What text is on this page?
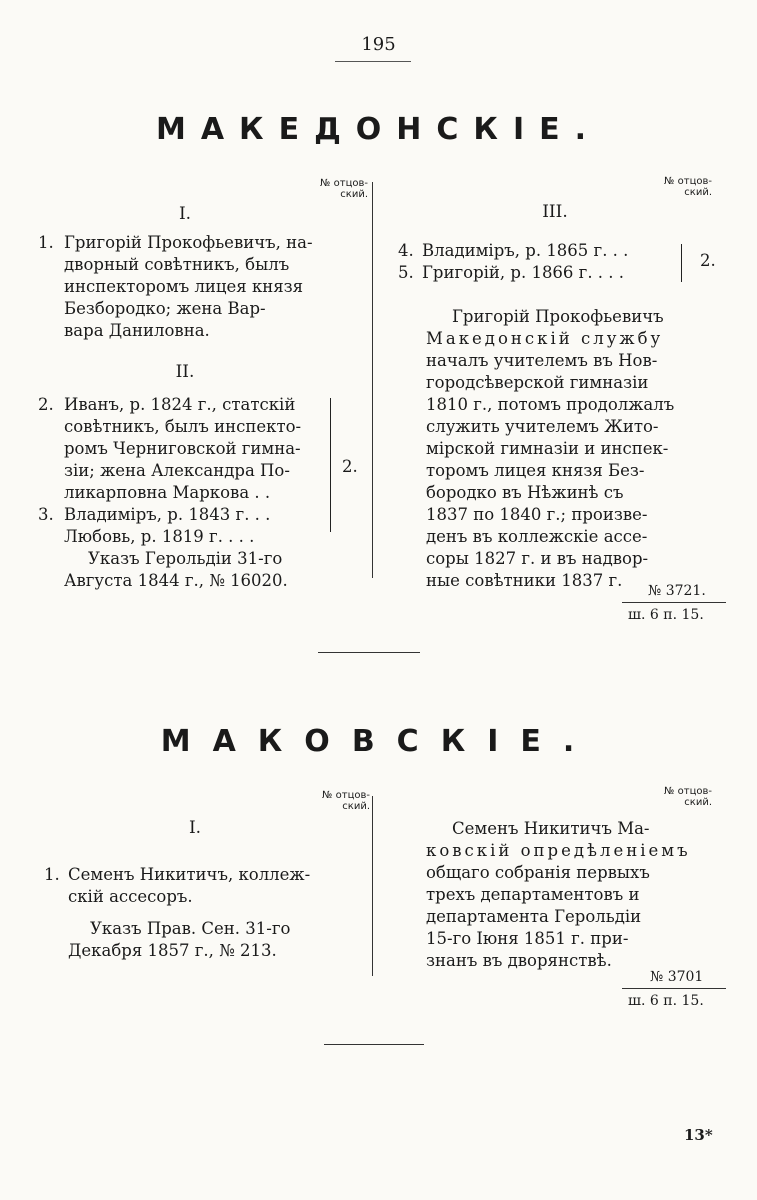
195
МАКЕДОНСКІЕ.
№ отцов-ский.
№ отцов-ский.
I.
1. Григорій Прокофьевичъ, на-
дворный совѣтникъ, былъ
инспекторомъ лицея князя
Безбородко; жена Вар-
вара Даниловна.
II.
2. Иванъ, р. 1824 г., статскій
совѣтникъ, былъ инспекто-
ромъ Черниговской гимна-
зіи; жена Александра По-
ликарповна Маркова . .
3. Владиміръ, р. 1843 г. . .
Любовь, р. 1819 г. . . .
2.
Указъ Герольдіи 31-го
Августа 1844 г., № 16020.
III.
4. Владиміръ, р. 1865 г. . .
5. Григорій, р. 1866 г. . . .
2.
Григорій Прокофьевичъ
Македонскій службу
началъ учителемъ въ Нов-
городсѣверской гимназіи
1810 г., потомъ продолжалъ
служить учителемъ Жито-
мірской гимназіи и инспек-
торомъ лицея князя Без-
бородко въ Нѣжинѣ съ
1837 по 1840 г.; произве-
денъ въ коллежскіе ассе-
соры 1827 г. и въ надвор-
ные совѣтники 1837 г.
№ 3721.
ш. 6 п. 15.
МАКОВСКІЕ.
№ отцов-ский.
№ отцов-ский.
I.
1. Семенъ Никитичъ, коллеж-
скій ассесоръ.
Указъ Прав. Сен. 31-го
Декабря 1857 г., № 213.
Семенъ Никитичъ Ма-
ковскій опредѣленіемъ
общаго собранія первыхъ
трехъ департаментовъ и
департамента Герольдіи
15-го Іюня 1851 г. при-
знанъ въ дворянствѣ.
№ 3701
ш. 6 п. 15.
13*
